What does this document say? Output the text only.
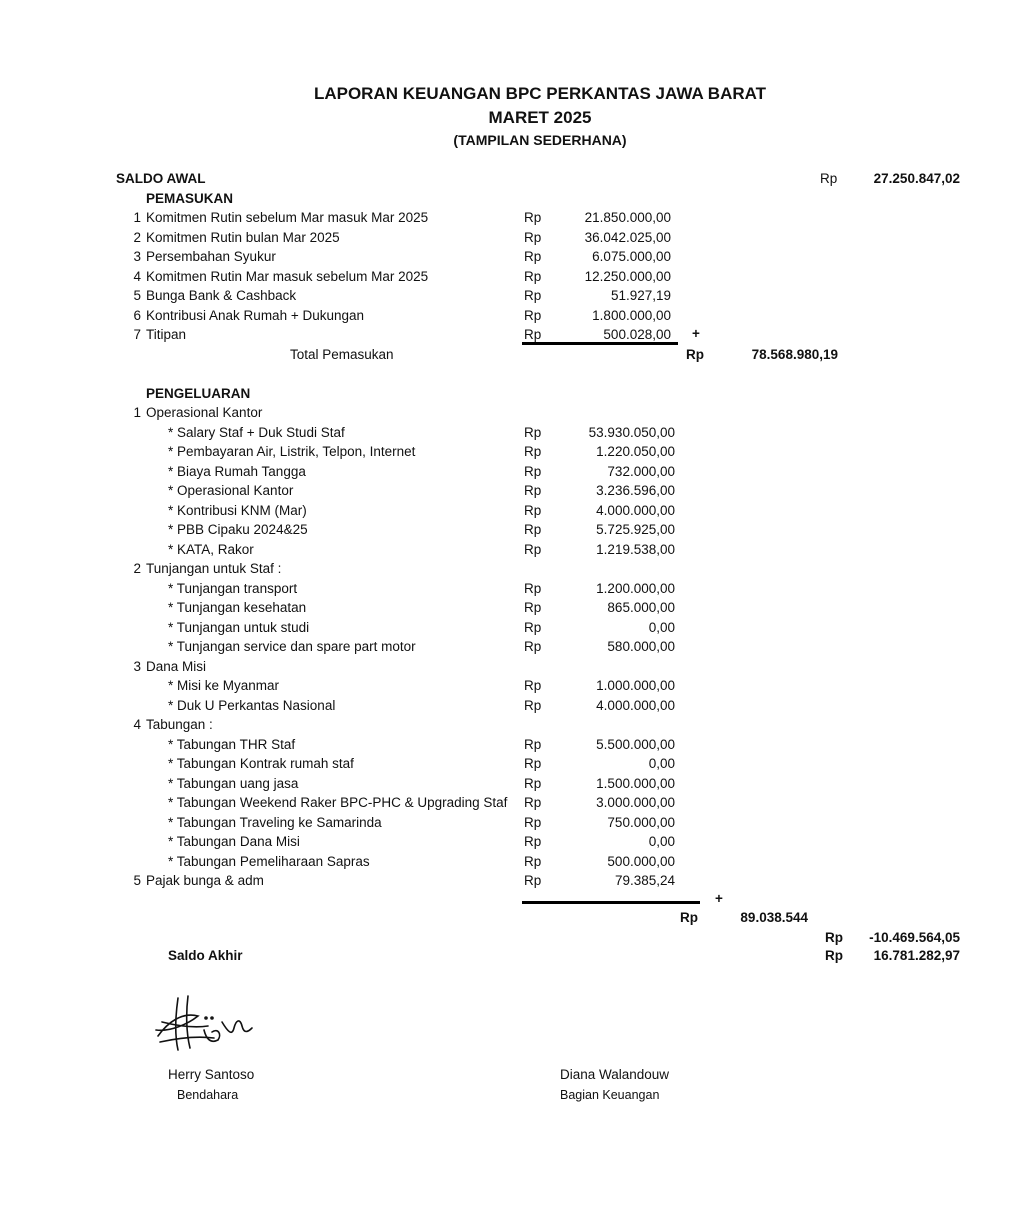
LAPORAN KEUANGAN BPC PERKANTAS JAWA BARAT
MARET 2025
(TAMPILAN SEDERHANA)
SALDO AWAL	Rp	27.250.847,02
PEMASUKAN
1 Komitmen Rutin sebelum Mar masuk Mar 2025	Rp	21.850.000,00
2 Komitmen Rutin bulan Mar 2025	Rp	36.042.025,00
3 Persembahan Syukur	Rp	6.075.000,00
4 Komitmen Rutin Mar masuk sebelum Mar 2025	Rp	12.250.000,00
5 Bunga Bank & Cashback	Rp	51.927,19
6 Kontribusi Anak Rumah + Dukungan	Rp	1.800.000,00
7 Titipan	Rp	500.028,00 +
Total Pemasukan	Rp	78.568.980,19
PENGELUARAN
1 Operasional Kantor
* Salary Staf + Duk Studi Staf	Rp	53.930.050,00
* Pembayaran Air, Listrik, Telpon, Internet	Rp	1.220.050,00
* Biaya Rumah Tangga	Rp	732.000,00
* Operasional Kantor	Rp	3.236.596,00
* Kontribusi KNM (Mar)	Rp	4.000.000,00
* PBB Cipaku 2024&25	Rp	5.725.925,00
* KATA, Rakor	Rp	1.219.538,00
2 Tunjangan untuk Staf :
* Tunjangan transport	Rp	1.200.000,00
* Tunjangan kesehatan	Rp	865.000,00
* Tunjangan untuk studi	Rp	0,00
* Tunjangan service dan spare part motor	Rp	580.000,00
3 Dana Misi
* Misi ke Myanmar	Rp	1.000.000,00
* Duk U Perkantas Nasional	Rp	4.000.000,00
4 Tabungan :
* Tabungan THR Staf	Rp	5.500.000,00
* Tabungan Kontrak rumah staf	Rp	0,00
* Tabungan uang jasa	Rp	1.500.000,00
* Tabungan Weekend Raker BPC-PHC & Upgrading Staf Rp	3.000.000,00
* Tabungan Traveling ke Samarinda	Rp	750.000,00
* Tabungan Dana Misi	Rp	0,00
* Tabungan Pemeliharaan Sapras	Rp	500.000,00
5 Pajak bunga & adm	Rp	79.385,24
+
Rp	89.038.544
Rp -10.469.564,05
Saldo Akhir	Rp 16.781.282,97
Herry Santoso
Bendahara
Diana Walandouw
Bagian Keuangan
